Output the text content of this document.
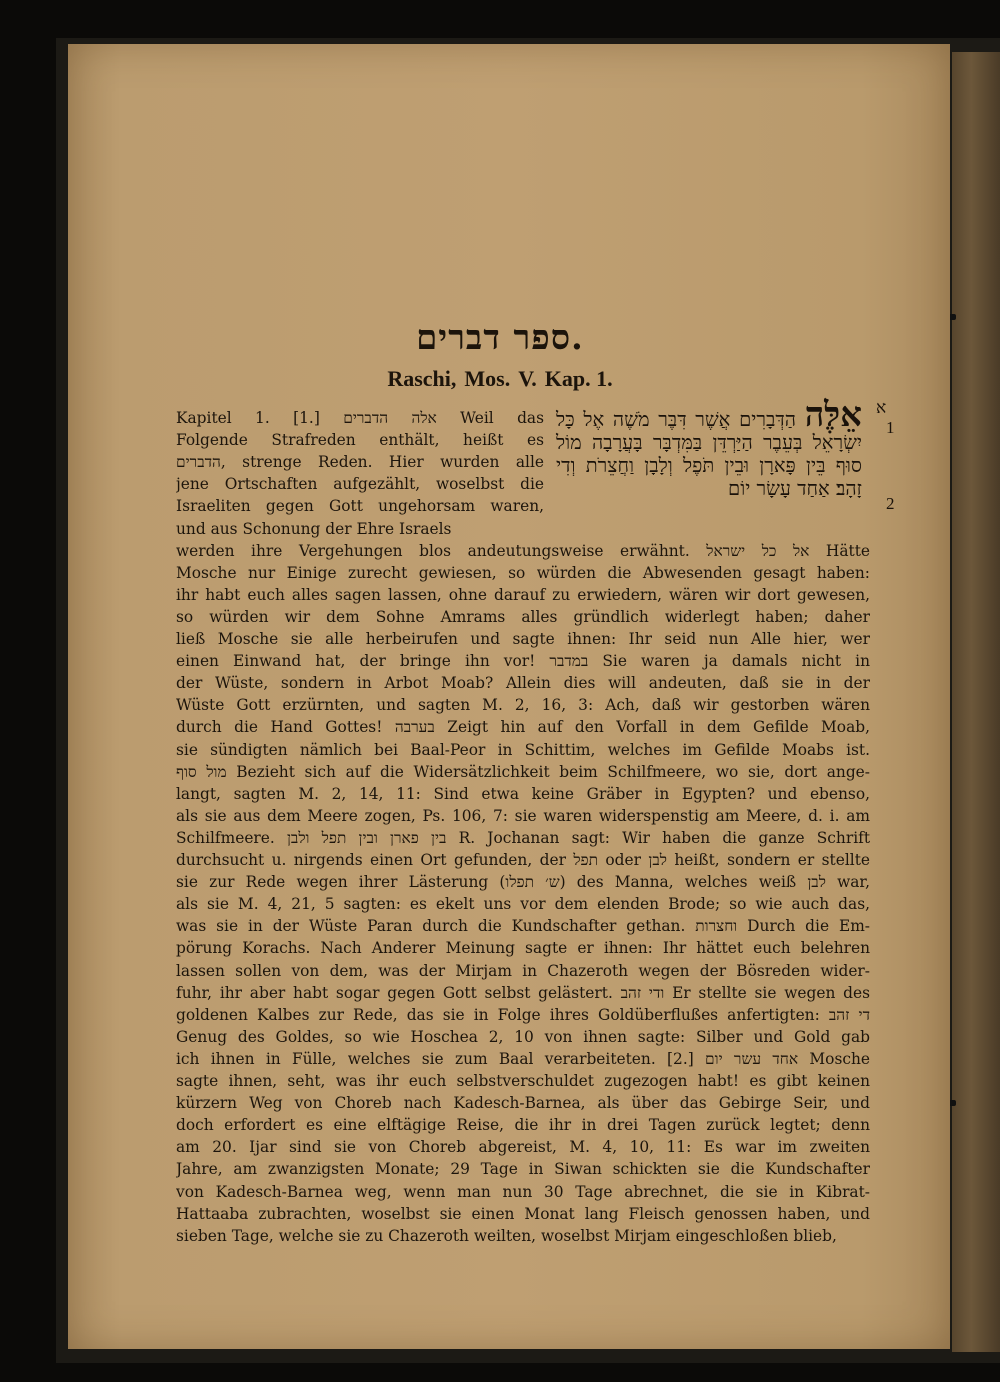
ספר דברים.
Raschi, Mos. V. Kap. 1.
א
1
2
אֵלֶּה הַדְּבָרִים אֲשֶׁר דִּבֶּר מֹשֶׁה אֶל כָּל יִשְׂרָאֵל בְּעֵבֶר הַיַּרְדֵּן בַּמִּדְבָּר בָּעֲרָבָה מוֹל סוּף בֵּין פָּארָן וּבֵין תֹּפֶל וְלָבָן וַחֲצֵרֹת וְדִי זָהָב׃ אַחַד עָשָׂר יוֹם
Kapitel 1. [1.] אלה הדברים Weil das
Folgende Strafreden enthält, heißt es
הדברים, strenge Reden. Hier wurden alle
jene Ortschaften aufgezählt, woselbst die
Israeliten gegen Gott ungehorsam waren,
und aus Schonung der Ehre Israels
werden ihre Vergehungen blos andeutungsweise erwähnt. אל כל ישראל Hätte
Mosche nur Einige zurecht gewiesen, so würden die Abwesenden gesagt haben:
ihr habt euch alles sagen lassen, ohne darauf zu erwiedern, wären wir dort gewesen,
so würden wir dem Sohne Amrams alles gründlich widerlegt haben; daher
ließ Mosche sie alle herbeirufen und sagte ihnen: Ihr seid nun Alle hier, wer
einen Einwand hat, der bringe ihn vor! במדבר Sie waren ja damals nicht in
der Wüste, sondern in Arbot Moab? Allein dies will andeuten, daß sie in der
Wüste Gott erzürnten, und sagten M. 2, 16, 3: Ach, daß wir gestorben wären
durch die Hand Gottes! בערבה Zeigt hin auf den Vorfall in dem Gefilde Moab,
sie sündigten nämlich bei Baal-Peor in Schittim, welches im Gefilde Moabs ist.
מול סוף Bezieht sich auf die Widersätzlichkeit beim Schilfmeere, wo sie, dort ange-
langt, sagten M. 2, 14, 11: Sind etwa keine Gräber in Egypten? und ebenso,
als sie aus dem Meere zogen, Ps. 106, 7: sie waren widerspenstig am Meere, d. i. am
Schilfmeere. בין פארן ובין תפל ולבן R. Jochanan sagt: Wir haben die ganze Schrift
durchsucht u. nirgends einen Ort gefunden, der תפל oder לבן heißt, sondern er stellte
sie zur Rede wegen ihrer Lästerung (ש׳ תפלו) des Manna, welches weiß לבן war,
als sie M. 4, 21, 5 sagten: es ekelt uns vor dem elenden Brode; so wie auch das,
was sie in der Wüste Paran durch die Kundschafter gethan. וחצרות Durch die Em-
pörung Korachs. Nach Anderer Meinung sagte er ihnen: Ihr hättet euch belehren
lassen sollen von dem, was der Mirjam in Chazeroth wegen der Bösreden wider-
fuhr, ihr aber habt sogar gegen Gott selbst gelästert. ודי זהב Er stellte sie wegen des
goldenen Kalbes zur Rede, das sie in Folge ihres Goldüberflußes anfertigten: די זהב
Genug des Goldes, so wie Hoschea 2, 10 von ihnen sagte: Silber und Gold gab
ich ihnen in Fülle, welches sie zum Baal verarbeiteten. [2.] אחד עשר יום Mosche
sagte ihnen, seht, was ihr euch selbstverschuldet zugezogen habt! es gibt keinen
kürzern Weg von Choreb nach Kadesch-Barnea, als über das Gebirge Seir, und
doch erfordert es eine elftägige Reise, die ihr in drei Tagen zurück legtet; denn
am 20. Ijar sind sie von Choreb abgereist, M. 4, 10, 11: Es war im zweiten
Jahre, am zwanzigsten Monate; 29 Tage in Siwan schickten sie die Kundschafter
von Kadesch-Barnea weg, wenn man nun 30 Tage abrechnet, die sie in Kibrat-
Hattaaba zubrachten, woselbst sie einen Monat lang Fleisch genossen haben, und
sieben Tage, welche sie zu Chazeroth weilten, woselbst Mirjam eingeschloßen blieb,
